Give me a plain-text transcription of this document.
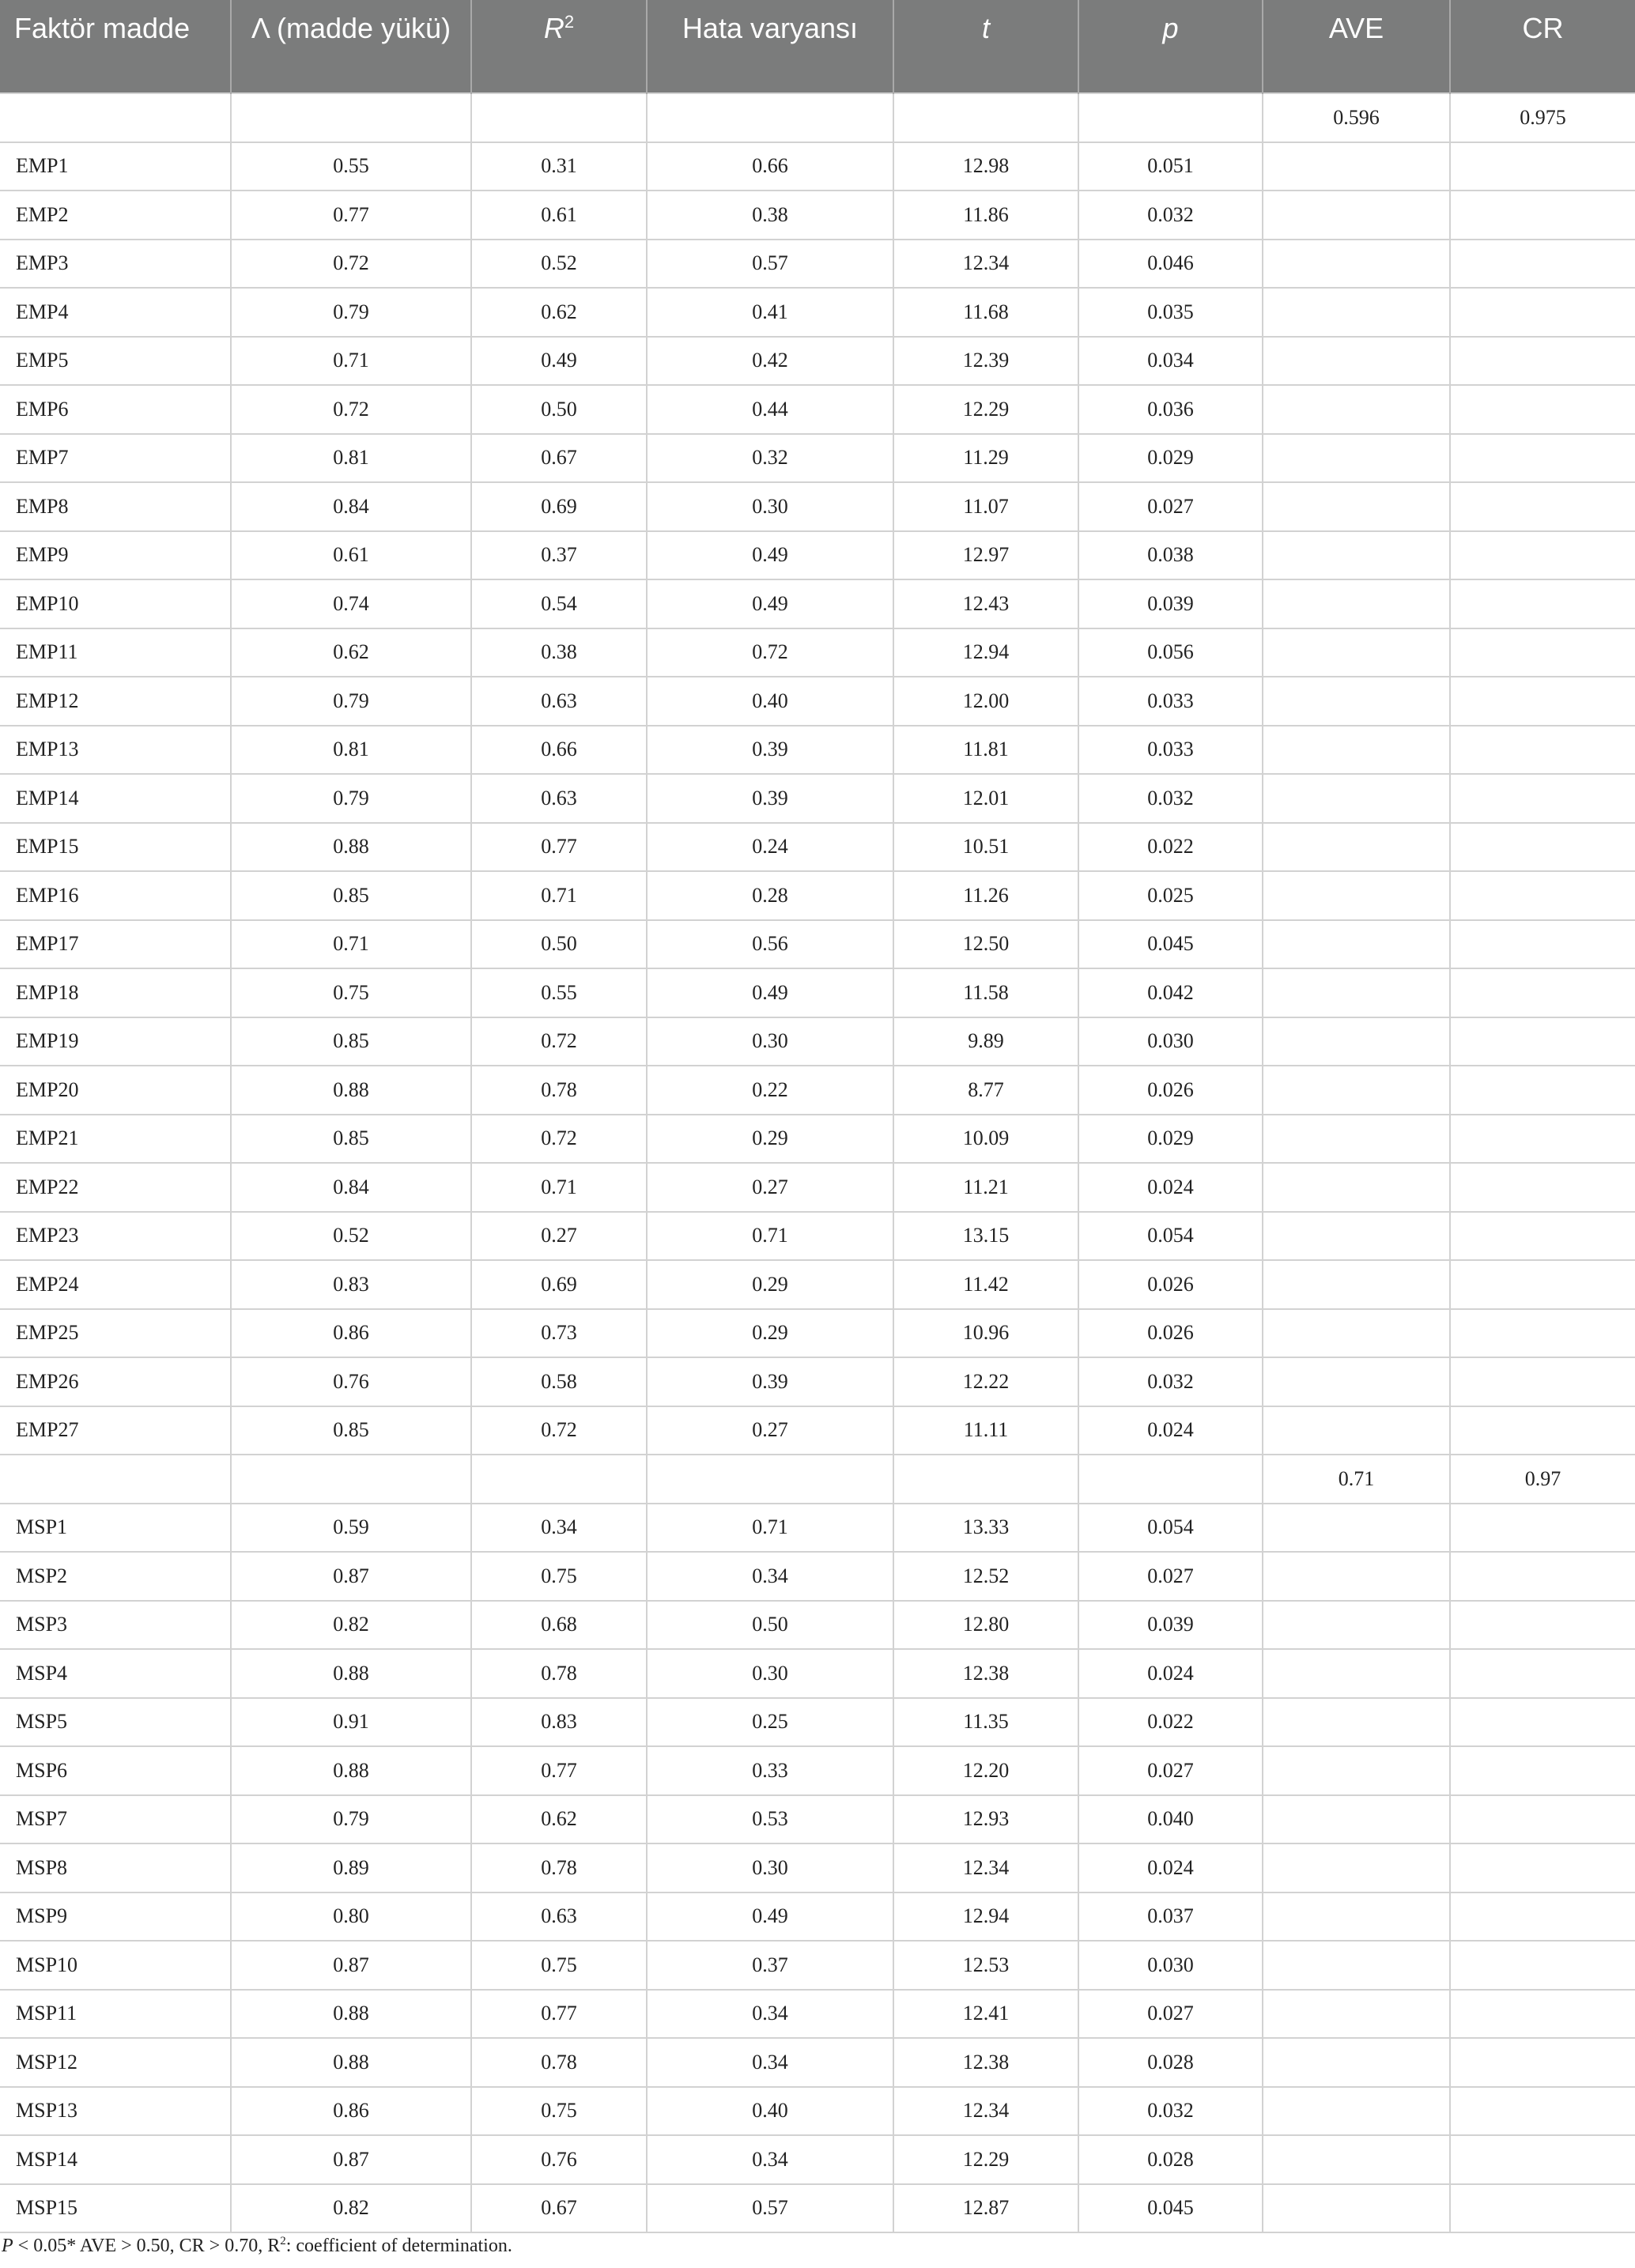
Faktör madde	Λ (madde yükü)	$R^2$	Hata varyansı	t	p	AVE	CR
						0.596	0.975
EMP1	0.55	0.31	0.66	12.98	0.051		
EMP2	0.77	0.61	0.38	11.86	0.032		
EMP3	0.72	0.52	0.57	12.34	0.046		
EMP4	0.79	0.62	0.41	11.68	0.035		
EMP5	0.71	0.49	0.42	12.39	0.034		
EMP6	0.72	0.50	0.44	12.29	0.036		
EMP7	0.81	0.67	0.32	11.29	0.029		
EMP8	0.84	0.69	0.30	11.07	0.027		
EMP9	0.61	0.37	0.49	12.97	0.038		
EMP10	0.74	0.54	0.49	12.43	0.039		
EMP11	0.62	0.38	0.72	12.94	0.056		
EMP12	0.79	0.63	0.40	12.00	0.033		
EMP13	0.81	0.66	0.39	11.81	0.033		
EMP14	0.79	0.63	0.39	12.01	0.032		
EMP15	0.88	0.77	0.24	10.51	0.022		
EMP16	0.85	0.71	0.28	11.26	0.025		
EMP17	0.71	0.50	0.56	12.50	0.045		
EMP18	0.75	0.55	0.49	11.58	0.042		
EMP19	0.85	0.72	0.30	9.89	0.030		
EMP20	0.88	0.78	0.22	8.77	0.026		
EMP21	0.85	0.72	0.29	10.09	0.029		
EMP22	0.84	0.71	0.27	11.21	0.024		
EMP23	0.52	0.27	0.71	13.15	0.054		
EMP24	0.83	0.69	0.29	11.42	0.026		
EMP25	0.86	0.73	0.29	10.96	0.026		
EMP26	0.76	0.58	0.39	12.22	0.032		
EMP27	0.85	0.72	0.27	11.11	0.024		
						0.71	0.97
MSP1	0.59	0.34	0.71	13.33	0.054		
MSP2	0.87	0.75	0.34	12.52	0.027		
MSP3	0.82	0.68	0.50	12.80	0.039		
MSP4	0.88	0.78	0.30	12.38	0.024		
MSP5	0.91	0.83	0.25	11.35	0.022		
MSP6	0.88	0.77	0.33	12.20	0.027		
MSP7	0.79	0.62	0.53	12.93	0.040		
MSP8	0.89	0.78	0.30	12.34	0.024		
MSP9	0.80	0.63	0.49	12.94	0.037		
MSP10	0.87	0.75	0.37	12.53	0.030		
MSP11	0.88	0.77	0.34	12.41	0.027		
MSP12	0.88	0.78	0.34	12.38	0.028		
MSP13	0.86	0.75	0.40	12.34	0.032		
MSP14	0.87	0.76	0.34	12.29	0.028		
MSP15	0.82	0.67	0.57	12.87	0.045		
P < 0.05* AVE > 0.50, CR > 0.70, $R^2$: coefficient of determination.
